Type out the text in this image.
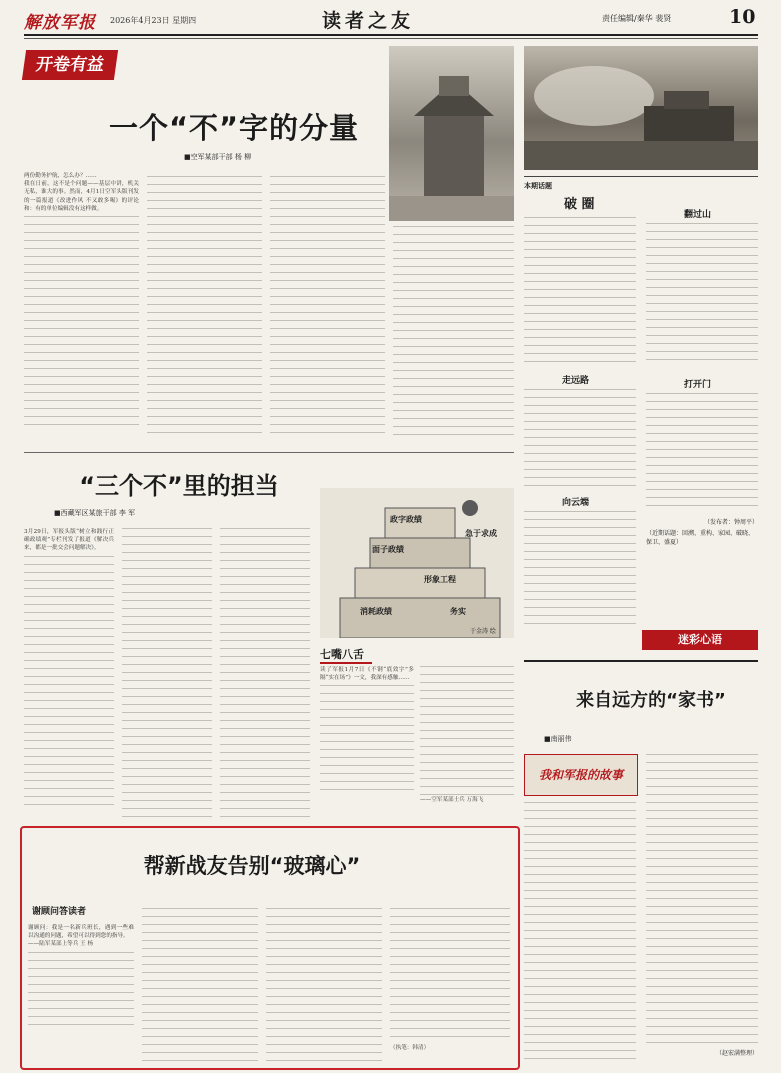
解放军报 2026年4月23日 星期四	读者之友	责任编辑/秦华 裴贤	10
开卷有益
一个“不”字的分量
■空军某部干部 杨 柳
两份勤务护航，怎么办？……
我在日前，这不是个问题——基层中讲，机关无私，谁大的事。然而，4月1日空军头版刊发的一篇报道《改进作风 不又敢多喝》的评论和：有的单位编辑没有这样做。
“三个不”里的担当
■西藏军区某旅干部 李 军
3月29日，军报头版“树立和践行正确政绩观”专栏刊发了报道《解决兵来，都是一批交会问题解决》。
政字政绩
面子政绩
形象工程
消耗政绩
急于求成
务实
于金涛 绘
七嘴八舌
读了军报1月7日《不钢“底效字”多隔“实在场”》一文，我深有感触……
——空军某部士兵 万海飞
帮新战友告别“玻璃心”
谢顾问答读者
谢顾问：我是一名新兵班长，遇到一些难以沟通的问题，希望可以得到您的指导。
——陆军某部上等兵 王 杨
（执笔：韩清）
本期话题
破 圈
走远路
向云端
翻过山
打开门
（发布者：钟周平）
（近期话题：回溯、重构、家园、破晓、保卫、盛夏）
迷彩心语
来自远方的“家书”
■南丽伟
我和军报的故事
（赵宏满整理）
